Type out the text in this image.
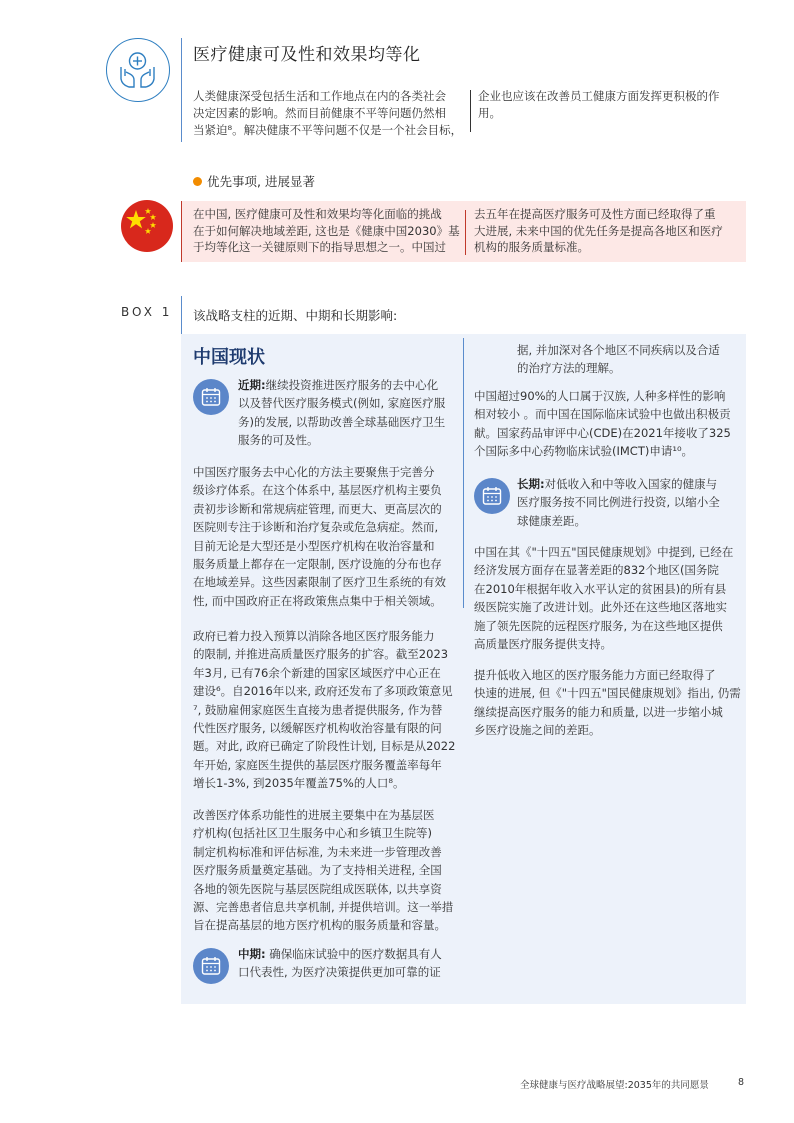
医疗健康可及性和效果均等化
人类健康深受包括生活和工作地点在内的各类社会
决定因素的影响。然而目前健康不平等问题仍然相
当紧迫⁸。解决健康不平等问题不仅是一个社会目标，
企业也应该在改善员工健康方面发挥更积极的作
用。
优先事项, 进展显著
在中国, 医疗健康可及性和效果均等化面临的挑战
在于如何解决地域差距, 这也是《健康中国2030》基
于均等化这一关键原则下的指导思想之一。中国过
去五年在提高医疗服务可及性方面已经取得了重
大进展, 未来中国的优先任务是提高各地区和医疗
机构的服务质量标准。
BOX 1 该战略支柱的近期、中期和长期影响:
中国现状
近期:继续投资推进医疗服务的去中心化
以及替代医疗服务模式(例如, 家庭医疗服
务)的发展, 以帮助改善全球基础医疗卫生
服务的可及性。
中国医疗服务去中心化的方法主要聚焦于完善分
级诊疗体系。在这个体系中, 基层医疗机构主要负
责初步诊断和常规病症管理, 而更大、更高层次的
医院则专注于诊断和治疗复杂或危急病症。然而,
目前无论是大型还是小型医疗机构在收治容量和
服务质量上都存在一定限制, 医疗设施的分布也存
在地域差异。这些因素限制了医疗卫生系统的有效
性, 而中国政府正在将政策焦点集中于相关领域。
政府已着力投入预算以消除各地区医疗服务能力
的限制, 并推进高质量医疗服务的扩容。截至2023
年3月, 已有76余个新建的国家区域医疗中心正在
建设⁶。自2016年以来, 政府还发布了多项政策意见
⁷, 鼓励雇佣家庭医生直接为患者提供服务, 作为替
代性医疗服务, 以缓解医疗机构收治容量有限的问
题。对此, 政府已确定了阶段性计划, 目标是从2022
年开始, 家庭医生提供的基层医疗服务覆盖率每年
增长1-3%, 到2035年覆盖75%的人口⁸。
改善医疗体系功能性的进展主要集中在为基层医
疗机构(包括社区卫生服务中心和乡镇卫生院等)
制定机构标准和评估标准, 为未来进一步管理改善
医疗服务质量奠定基础。为了支持相关进程, 全国
各地的领先医院与基层医院组成医联体, 以共享资
源、完善患者信息共享机制, 并提供培训。这一举措
旨在提高基层的地方医疗机构的服务质量和容量。
中期: 确保临床试验中的医疗数据具有人
口代表性, 为医疗决策提供更加可靠的证
据, 并加深对各个地区不同疾病以及合适
的治疗方法的理解。
中国超过90%的人口属于汉族, 人种多样性的影响
相对较小 。而中国在国际临床试验中也做出积极贡
献。国家药品审评中心(CDE)在2021年接收了325
个国际多中心药物临床试验(IMCT)申请¹⁰。
长期:对低收入和中等收入国家的健康与
医疗服务按不同比例进行投资, 以缩小全
球健康差距。
中国在其《"十四五"国民健康规划》中提到, 已经在
经济发展方面存在显著差距的832个地区(国务院
在2010年根据年收入水平认定的贫困县)的所有县
级医院实施了改进计划。此外还在这些地区落地实
施了领先医院的远程医疗服务, 为在这些地区提供
高质量医疗服务提供支持。
提升低收入地区的医疗服务能力方面已经取得了
快速的进展, 但《"十四五"国民健康规划》指出, 仍需
继续提高医疗服务的能力和质量, 以进一步缩小城
乡医疗设施之间的差距。
全球健康与医疗战略展望:2035年的共同愿景	8
